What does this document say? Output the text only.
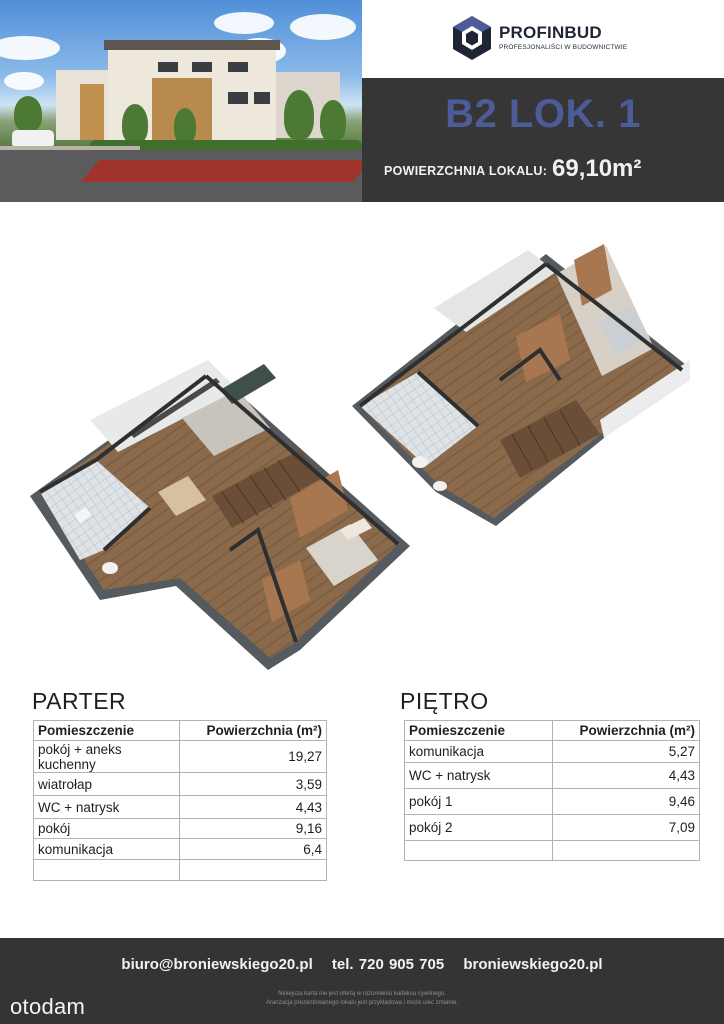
PROFINBUD
PROFESJONALIŚCI W BUDOWNICTWIE
B2 LOK. 1
POWIERZCHNIA LOKALU: 69,10m²
PARTER
Pomieszczenie	Powierzchnia (m²)
pokój + aneks kuchenny	19,27
wiatrołap	3,59
WC + natrysk	4,43
pokój	9,16
komunikacja	6,4

PIĘTRO
Pomieszczenie	Powierzchnia (m²)
komunikacja	5,27
WC + natrysk	4,43
pokój 1	9,46
pokój 2	7,09

biuro@broniewskiego20.pl tel. 720 905 705 broniewskiego20.pl
Niniejsza karta nie jest ofertą w rozumieniu kodeksu cywilnego.
Aranżacja prezentowanego lokalu jest przykładowa i może ulec zmianie.
otodam
